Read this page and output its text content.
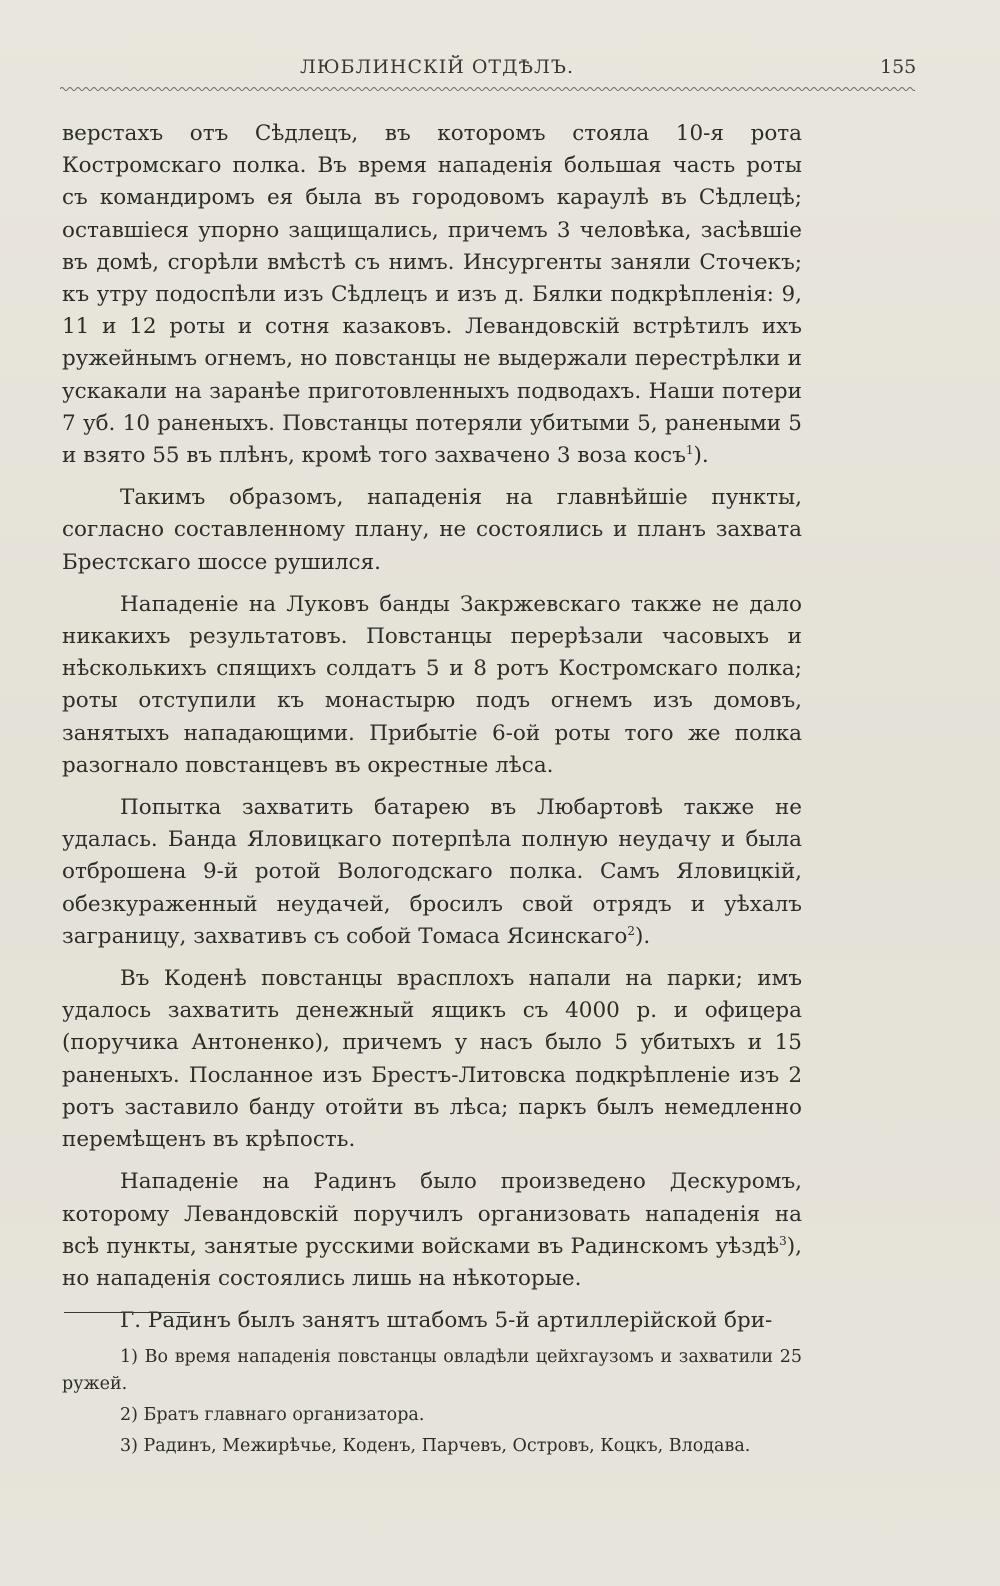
ЛЮБЛИНСКIЙ ОТДѢЛЪ.	155

верстахъ отъ Сѣдлецъ, въ которомъ стояла 10-я рота Костромскаго полка. Въ время нападенія большая часть роты съ командиромъ ея была въ городовомъ караулѣ въ Сѣдлецѣ; оставшіеся упорно защищались, причемъ 3 человѣка, засѣвшіе въ домѣ, сгорѣли вмѣстѣ съ нимъ. Инсургенты заняли Сточекъ; къ утру подоспѣли изъ Сѣдлецъ и изъ д. Бялки подкрѣпленія: 9, 11 и 12 роты и сотня казаковъ. Левандовскій встрѣтилъ ихъ ружейнымъ огнемъ, но повстанцы не выдержали перестрѣлки и ускакали на заранѣе приготовленныхъ подводахъ. Наши потери 7 уб. 10 раненыхъ. Повстанцы потеряли убитыми 5, ранеными 5 и взято 55 въ плѣнъ, кромѣ того захвачено 3 воза косъ$^1$).

Такимъ образомъ, нападенія на главнѣйшіе пункты, согласно составленному плану, не состоялись и планъ захвата Брестскаго шоссе рушился.

Нападеніе на Луковъ банды Закржевскаго также не дало никакихъ результатовъ. Повстанцы перерѣзали часовыхъ и нѣсколькихъ спящихъ солдатъ 5 и 8 ротъ Костромскаго полка; роты отступили къ монастырю подъ огнемъ изъ домовъ, занятыхъ нападающими. Прибытіе 6-ой роты того же полка разогнало повстанцевъ въ окрестные лѣса.

Попытка захватить батарею въ Любартовѣ также не удалась. Банда Яловицкаго потерпѣла полную неудачу и была отброшена 9-й ротой Вологодскаго полка. Самъ Яловицкій, обезкураженный неудачей, бросилъ свой отрядъ и уѣхалъ заграницу, захвативъ съ собой Томаса Ясинскаго$^2$).

Въ Коденѣ повстанцы врасплохъ напали на парки; имъ удалось захватить денежный ящикъ съ 4000 р. и офицера (поручика Антоненко), причемъ у насъ было 5 убитыхъ и 15 раненыхъ. Посланное изъ Брестъ-Литовска подкрѣпленіе изъ 2 ротъ заставило банду отойти въ лѣса; паркъ былъ немедленно перемѣщенъ въ крѣпость.

Нападеніе на Радинъ было произведено Дескуромъ, которому Левандовскій поручилъ организовать нападенія на всѣ пункты, занятые русскими войсками въ Радинскомъ уѣздѣ$^3$), но нападенія состоялись лишь на нѣкоторые.

Г. Радинъ былъ занятъ штабомъ 5-й артиллерійской бри-

1) Во время нападенія повстанцы овладѣли цейхгаузомъ и захватили 25 ружей.

2) Братъ главнаго организатора.

3) Радинъ, Межирѣчье, Коденъ, Парчевъ, Островъ, Коцкъ, Влодава.
